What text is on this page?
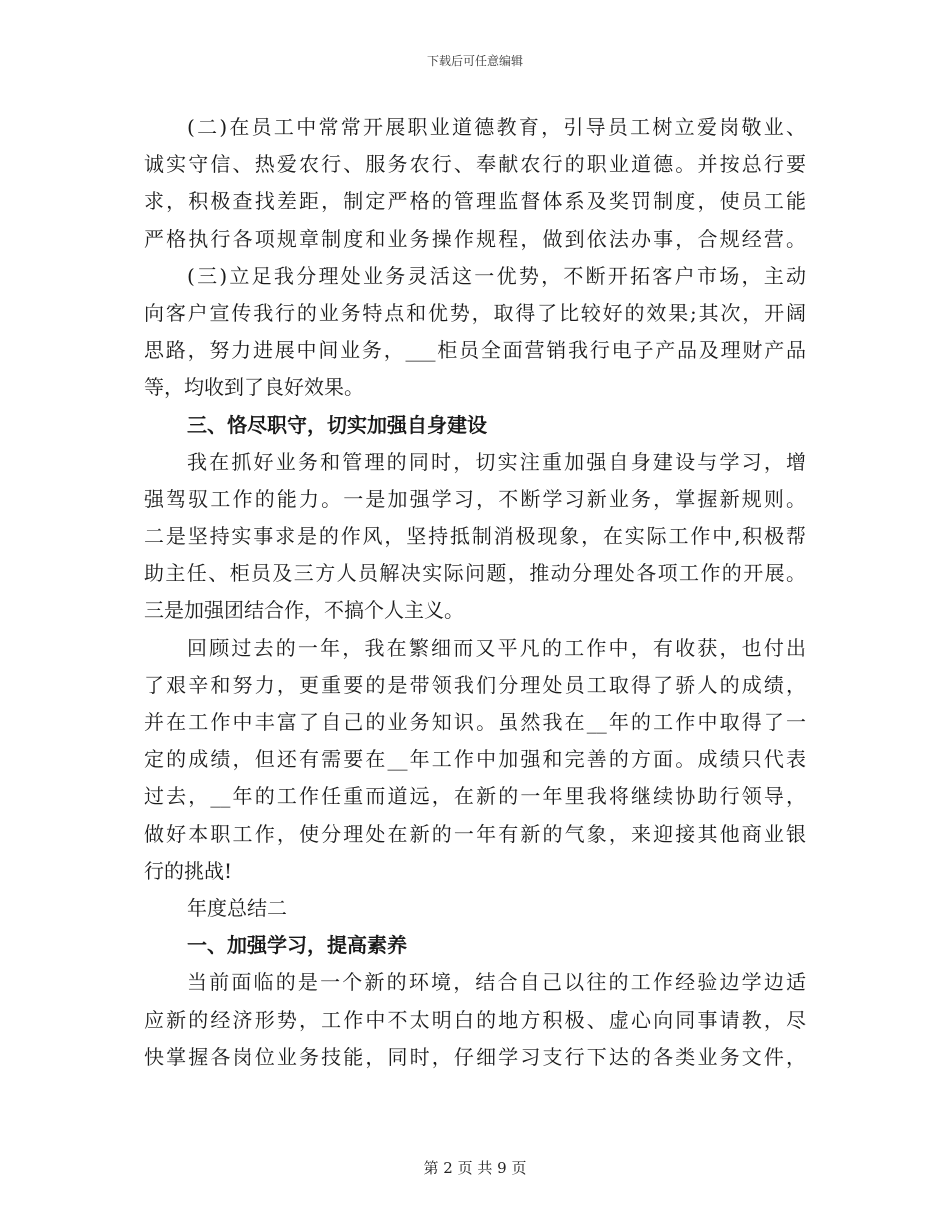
下载后可任意编辑
(二)在员工中常常开展职业道德教育，引导员工树立爱岗敬业、
诚实守信、热爱农行、服务农行、奉献农行的职业道德。并按总行要
求，积极查找差距，制定严格的管理监督体系及奖罚制度，使员工能
严格执行各项规章制度和业务操作规程，做到依法办事，合规经营。
(三)立足我分理处业务灵活这一优势，不断开拓客户市场，主动
向客户宣传我行的业务特点和优势，取得了比较好的效果;其次，开阔
思路，努力进展中间业务，___柜员全面营销我行电子产品及理财产品
等，均收到了良好效果。
三、恪尽职守，切实加强自身建设
我在抓好业务和管理的同时，切实注重加强自身建设与学习，增
强驾驭工作的能力。一是加强学习，不断学习新业务，掌握新规则。
二是坚持实事求是的作风，坚持抵制消极现象，在实际工作中,积极帮
助主任、柜员及三方人员解决实际问题，推动分理处各项工作的开展。
三是加强团结合作，不搞个人主义。
回顾过去的一年，我在繁细而又平凡的工作中，有收获，也付出
了艰辛和努力，更重要的是带领我们分理处员工取得了骄人的成绩，
并在工作中丰富了自己的业务知识。虽然我在__年的工作中取得了一
定的成绩，但还有需要在__年工作中加强和完善的方面。成绩只代表
过去，__年的工作任重而道远，在新的一年里我将继续协助行领导，
做好本职工作，使分理处在新的一年有新的气象，来迎接其他商业银
行的挑战!
年度总结二
一、加强学习，提高素养
当前面临的是一个新的环境，结合自己以往的工作经验边学边适
应新的经济形势，工作中不太明白的地方积极、虚心向同事请教，尽
快掌握各岗位业务技能，同时，仔细学习支行下达的各类业务文件，
第 2 页 共 9 页
